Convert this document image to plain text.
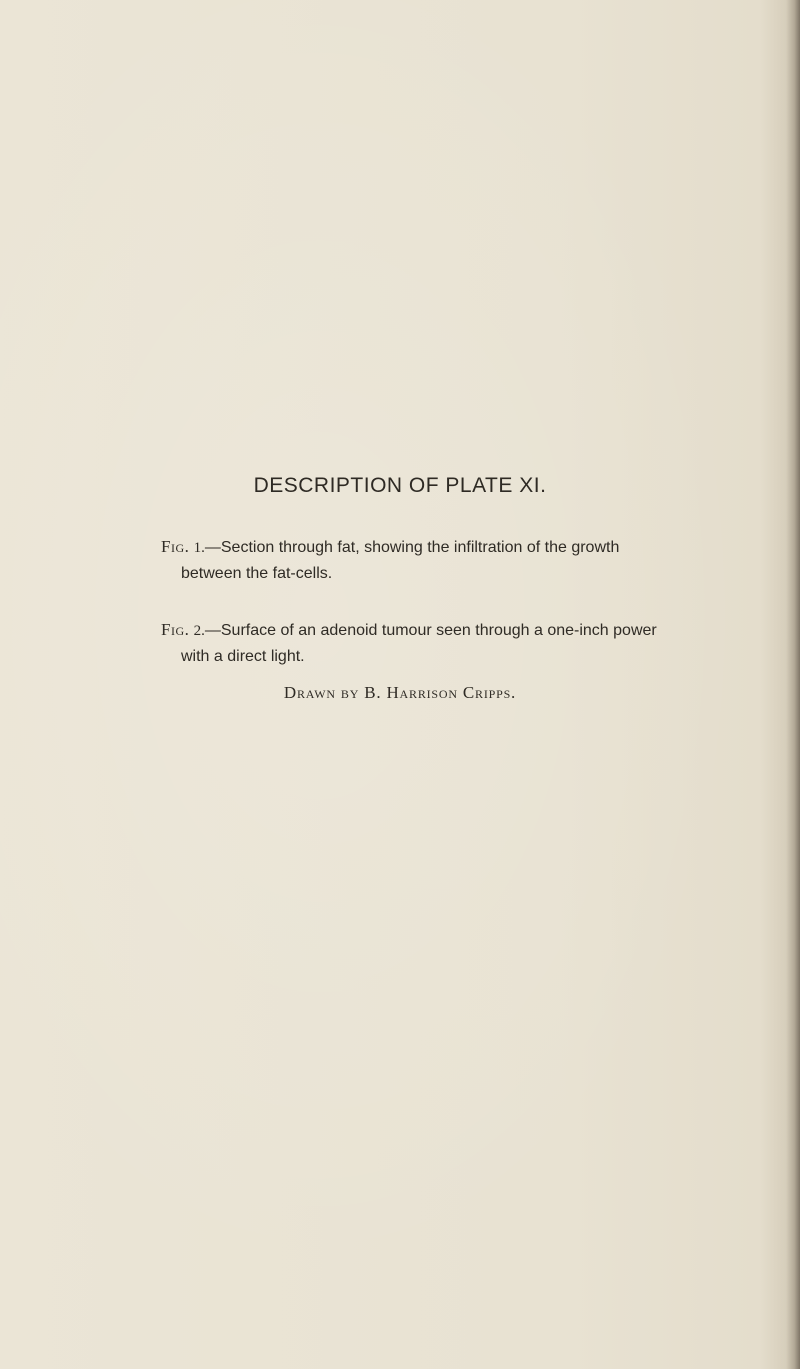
DESCRIPTION OF PLATE XI.
Fig. 1.—Section through fat, showing the infiltration of the growth
between the fat-cells.
Fig. 2.—Surface of an adenoid tumour seen through a one-inch power
with a direct light.
Drawn by B. Harrison Cripps.
